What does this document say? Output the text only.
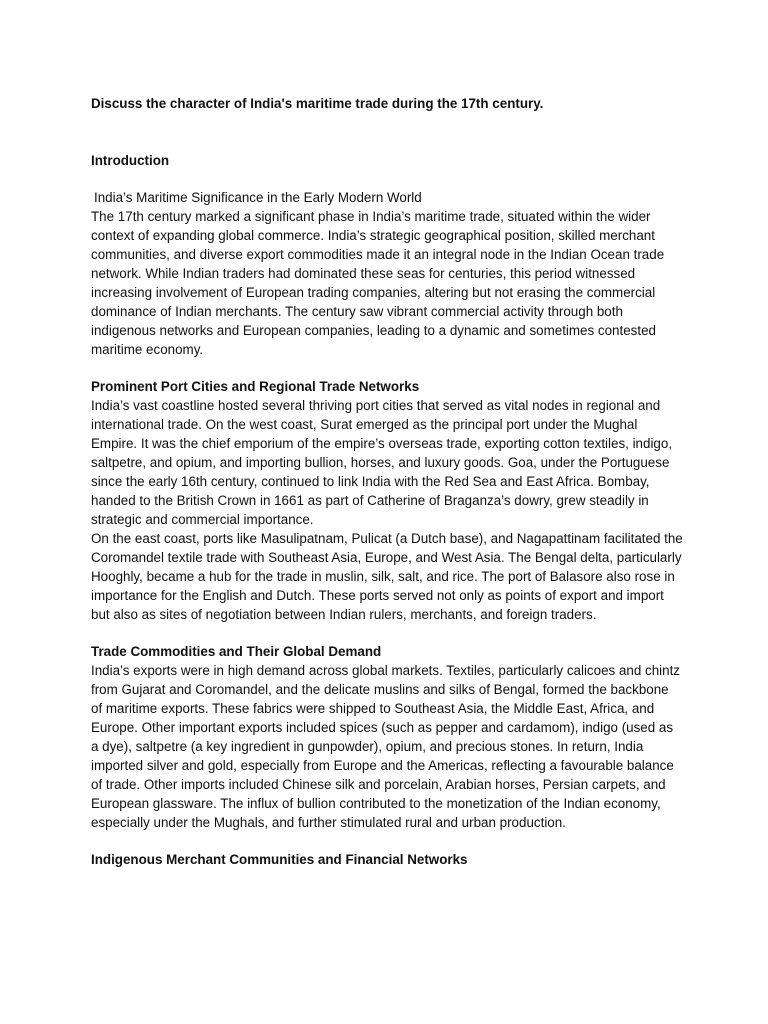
Discuss the character of India's maritime trade during the 17th century.

Introduction

India’s Maritime Significance in the Early Modern World

The 17th century marked a significant phase in India’s maritime trade, situated within the wider context of expanding global commerce. India’s strategic geographical position, skilled merchant communities, and diverse export commodities made it an integral node in the Indian Ocean trade network. While Indian traders had dominated these seas for centuries, this period witnessed increasing involvement of European trading companies, altering but not erasing the commercial dominance of Indian merchants. The century saw vibrant commercial activity through both indigenous networks and European companies, leading to a dynamic and sometimes contested maritime economy.

Prominent Port Cities and Regional Trade Networks

India’s vast coastline hosted several thriving port cities that served as vital nodes in regional and international trade. On the west coast, Surat emerged as the principal port under the Mughal Empire. It was the chief emporium of the empire’s overseas trade, exporting cotton textiles, indigo, saltpetre, and opium, and importing bullion, horses, and luxury goods. Goa, under the Portuguese since the early 16th century, continued to link India with the Red Sea and East Africa. Bombay, handed to the British Crown in 1661 as part of Catherine of Braganza’s dowry, grew steadily in strategic and commercial importance.

On the east coast, ports like Masulipatnam, Pulicat (a Dutch base), and Nagapattinam facilitated the Coromandel textile trade with Southeast Asia, Europe, and West Asia. The Bengal delta, particularly Hooghly, became a hub for the trade in muslin, silk, salt, and rice. The port of Balasore also rose in importance for the English and Dutch. These ports served not only as points of export and import but also as sites of negotiation between Indian rulers, merchants, and foreign traders.

Trade Commodities and Their Global Demand

India’s exports were in high demand across global markets. Textiles, particularly calicoes and chintz from Gujarat and Coromandel, and the delicate muslins and silks of Bengal, formed the backbone of maritime exports. These fabrics were shipped to Southeast Asia, the Middle East, Africa, and Europe. Other important exports included spices (such as pepper and cardamom), indigo (used as a dye), saltpetre (a key ingredient in gunpowder), opium, and precious stones. In return, India imported silver and gold, especially from Europe and the Americas, reflecting a favourable balance of trade. Other imports included Chinese silk and porcelain, Arabian horses, Persian carpets, and European glassware. The influx of bullion contributed to the monetization of the Indian economy, especially under the Mughals, and further stimulated rural and urban production.

Indigenous Merchant Communities and Financial Networks
